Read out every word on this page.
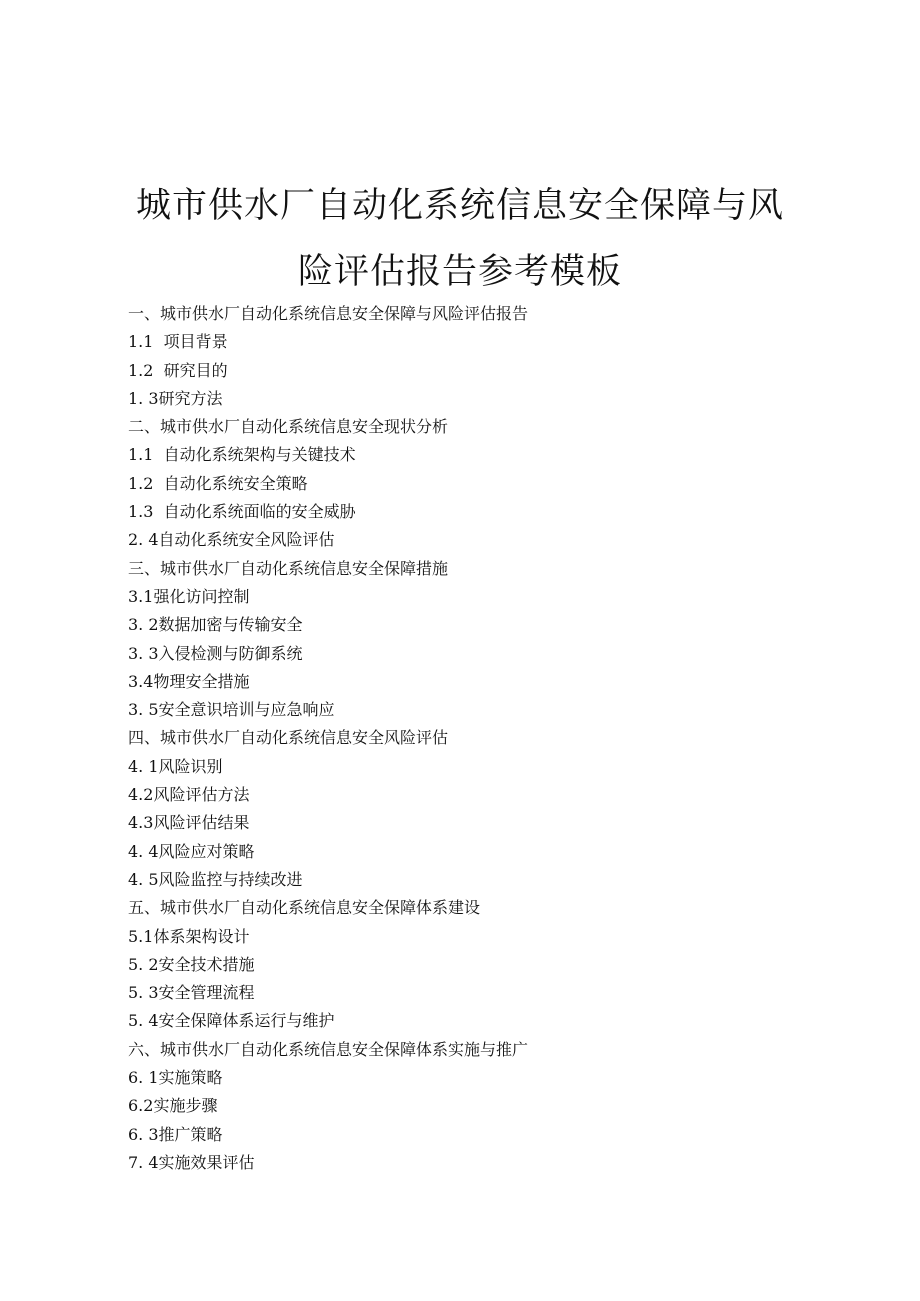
城市供水厂自动化系统信息安全保障与风
险评估报告参考模板
一、城市供水厂自动化系统信息安全保障与风险评估报告
1.1  项目背景
1.2  研究目的
1. 3研究方法
二、城市供水厂自动化系统信息安全现状分析
1.1  自动化系统架构与关键技术
1.2  自动化系统安全策略
1.3  自动化系统面临的安全威胁
2. 4自动化系统安全风险评估
三、城市供水厂自动化系统信息安全保障措施
3.1强化访问控制
3. 2数据加密与传输安全
3. 3入侵检测与防御系统
3.4物理安全措施
3. 5安全意识培训与应急响应
四、城市供水厂自动化系统信息安全风险评估
4. 1风险识别
4.2风险评估方法
4.3风险评估结果
4. 4风险应对策略
4. 5风险监控与持续改进
五、城市供水厂自动化系统信息安全保障体系建设
5.1体系架构设计
5. 2安全技术措施
5. 3安全管理流程
5. 4安全保障体系运行与维护
六、城市供水厂自动化系统信息安全保障体系实施与推广
6. 1实施策略
6.2实施步骤
6. 3推广策略
7. 4实施效果评估
